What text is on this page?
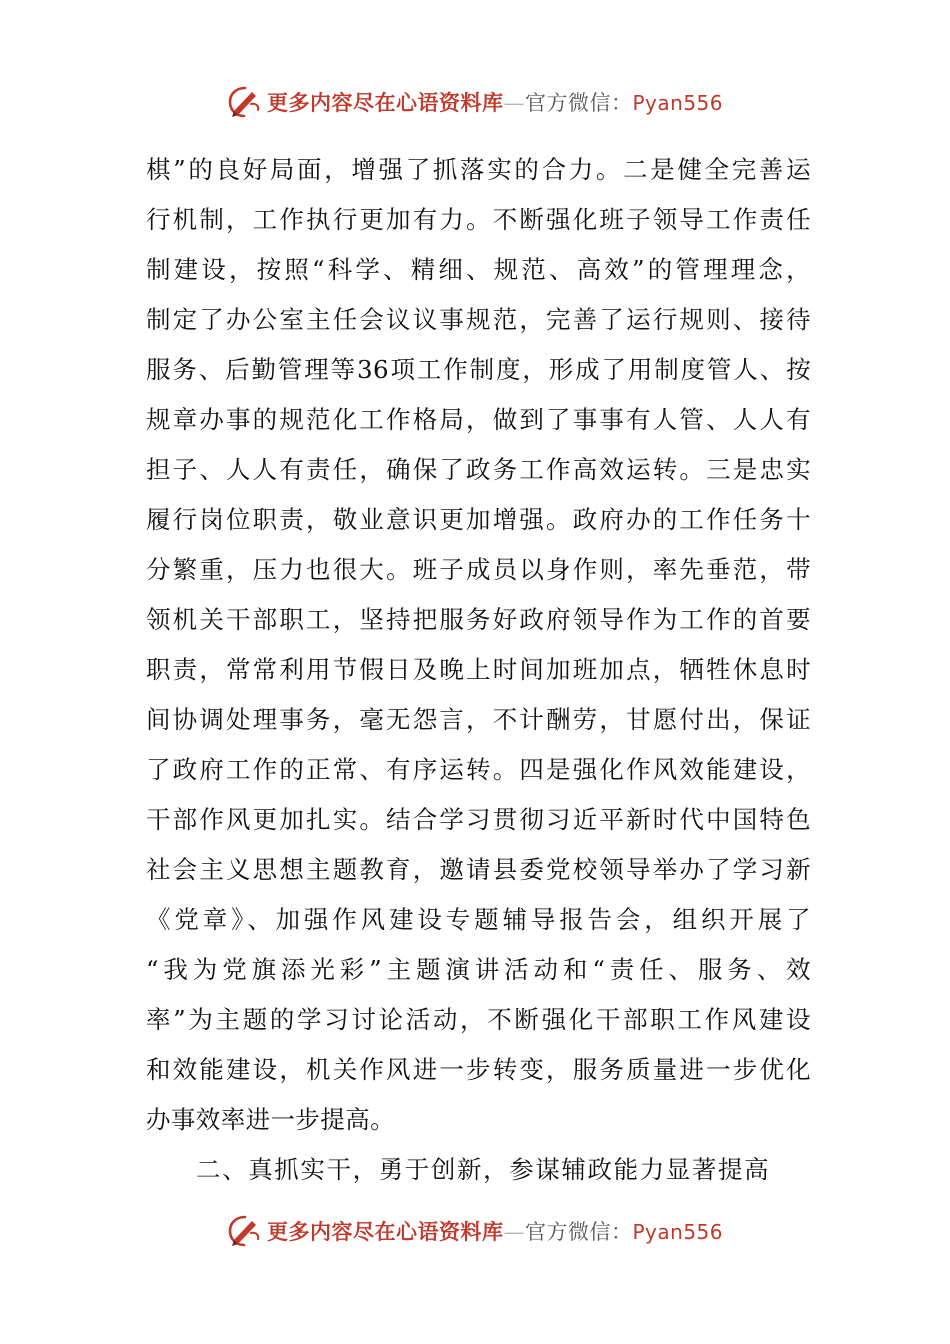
更多内容尽在心语资料库—官方微信：Pyan556
棋”的良好局面，增强了抓落实的合力。二是健全完善运
行机制，工作执行更加有力。不断强化班子领导工作责任
制建设，按照“科学、精细、规范、高效”的管理理念，
制定了办公室主任会议议事规范，完善了运行规则、接待
服务、后勤管理等36项工作制度，形成了用制度管人、按
规章办事的规范化工作格局，做到了事事有人管、人人有
担子、人人有责任，确保了政务工作高效运转。三是忠实
履行岗位职责，敬业意识更加增强。政府办的工作任务十
分繁重，压力也很大。班子成员以身作则，率先垂范，带
领机关干部职工，坚持把服务好政府领导作为工作的首要
职责，常常利用节假日及晚上时间加班加点，牺牲休息时
间协调处理事务，毫无怨言，不计酬劳，甘愿付出，保证
了政府工作的正常、有序运转。四是强化作风效能建设，
干部作风更加扎实。结合学习贯彻习近平新时代中国特色
社会主义思想主题教育，邀请县委党校领导举办了学习新
《党章》、加强作风建设专题辅导报告会，组织开展了
“我为党旗添光彩”主题演讲活动和“责任、服务、效
率”为主题的学习讨论活动，不断强化干部职工作风建设
和效能建设，机关作风进一步转变，服务质量进一步优化
办事效率进一步提高。
二、真抓实干，勇于创新，参谋辅政能力显著提高
更多内容尽在心语资料库—官方微信：Pyan556
